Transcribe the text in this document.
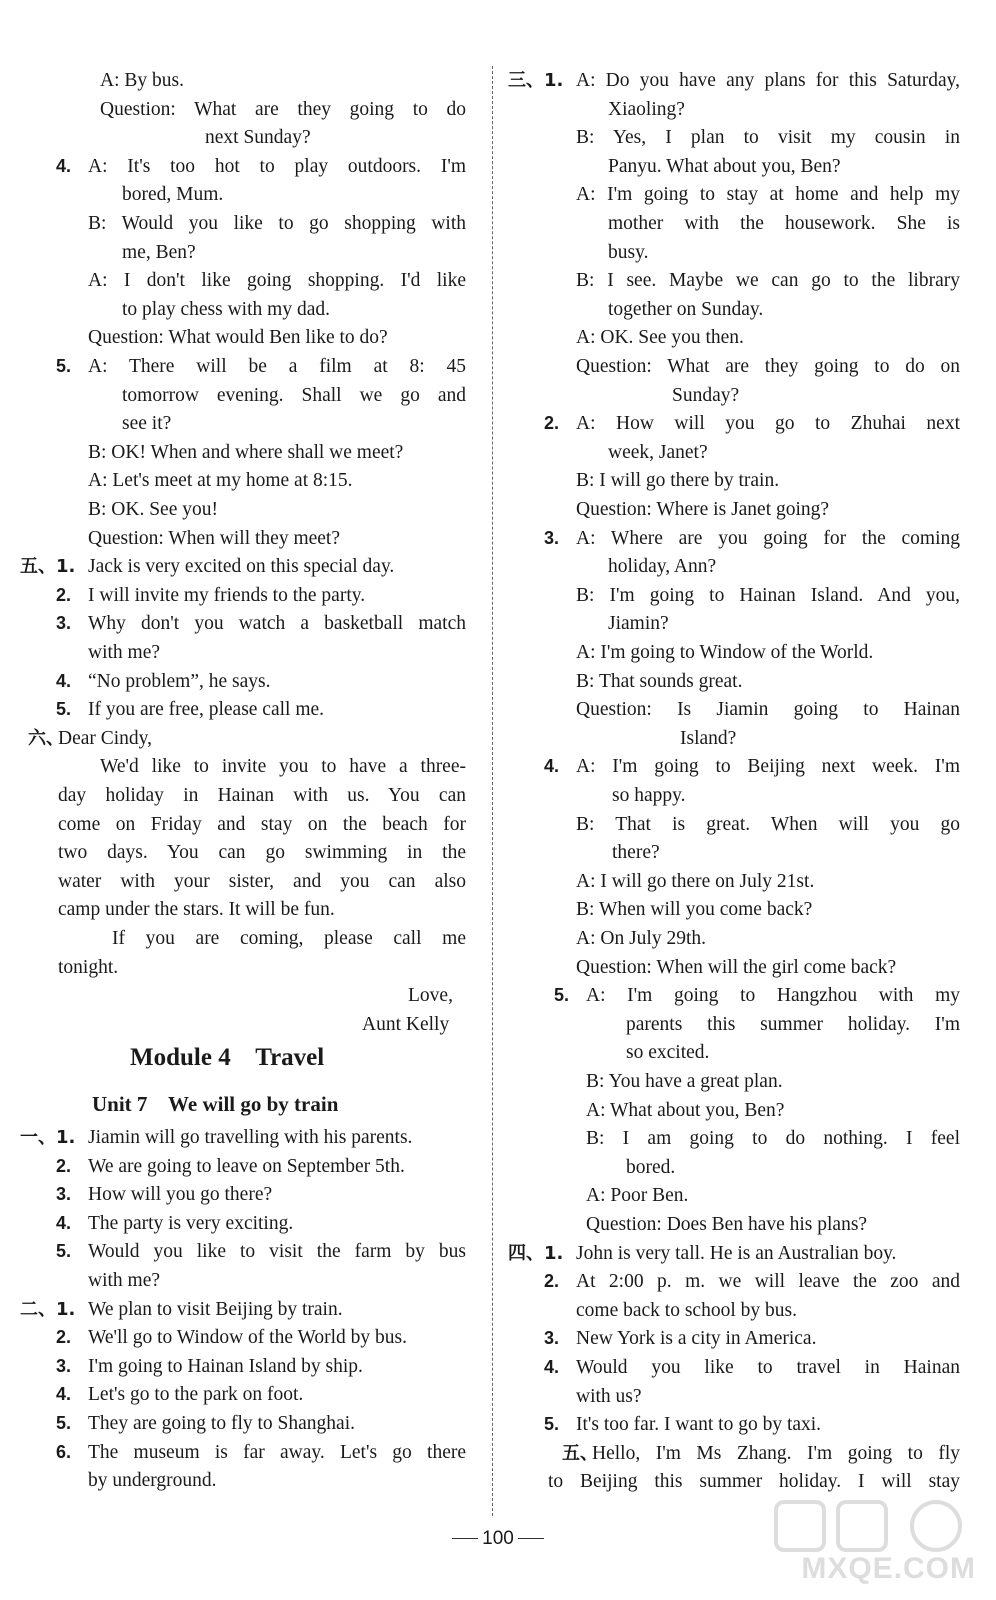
A: By bus.
Question: What are they going to do
next Sunday?
4. A: It's too hot to play outdoors. I'm
bored, Mum.
B: Would you like to go shopping with
me, Ben?
A: I don't like going shopping. I'd like
to play chess with my dad.
Question: What would Ben like to do?
5. A: There will be a film at 8: 45
tomorrow evening. Shall we go and
see it?
B: OK! When and where shall we meet?
A: Let's meet at my home at 8:15.
B: OK. See you!
Question: When will they meet?
五、1. Jack is very excited on this special day.
2. I will invite my friends to the party.
3. Why don't you watch a basketball match
with me?
4. “No problem”, he says.
5. If you are free, please call me.
六、
Dear Cindy,
We'd like to invite you to have a three-
day holiday in Hainan with us. You can
come on Friday and stay on the beach for
two days. You can go swimming in the
water with your sister, and you can also
camp under the stars. It will be fun.
If you are coming, please call me
tonight.
Love,
Aunt Kelly
Module 4    Travel
Unit 7    We will go by train
一、1. Jiamin will go travelling with his parents.
2. We are going to leave on September 5th.
3. How will you go there?
4. The party is very exciting.
5. Would you like to visit the farm by bus
with me?
二、1. We plan to visit Beijing by train.
2. We'll go to Window of the World by bus.
3. I'm going to Hainan Island by ship.
4. Let's go to the park on foot.
5. They are going to fly to Shanghai.
6. The museum is far away. Let's go there
by underground.
三、1. A: Do you have any plans for this Saturday,
Xiaoling?
B: Yes, I plan to visit my cousin in
Panyu. What about you, Ben?
A: I'm going to stay at home and help my
mother with the housework. She is
busy.
B: I see. Maybe we can go to the library
together on Sunday.
A: OK. See you then.
Question: What are they going to do on
Sunday?
2. A: How will you go to Zhuhai next
week, Janet?
B: I will go there by train.
Question: Where is Janet going?
3. A: Where are you going for the coming
holiday, Ann?
B: I'm going to Hainan Island. And you,
Jiamin?
A: I'm going to Window of the World.
B: That sounds great.
Question: Is Jiamin going to Hainan
Island?
4. A: I'm going to Beijing next week. I'm
so happy.
B: That is great. When will you go
there?
A: I will go there on July 21st.
B: When will you come back?
A: On July 29th.
Question: When will the girl come back?
5. A: I'm going to Hangzhou with my
parents this summer holiday. I'm
so excited.
B: You have a great plan.
A: What about you, Ben?
B: I am going to do nothing. I feel
bored.
A: Poor Ben.
Question: Does Ben have his plans?
四、1. John is very tall. He is an Australian boy.
2. At 2:00 p. m. we will leave the zoo and
come back to school by bus.
3. New York is a city in America.
4. Would you like to travel in Hainan
with us?
5. It's too far. I want to go by taxi.
五、
Hello, I'm Ms Zhang. I'm going to fly
to Beijing this summer holiday. I will stay
100
MXQE.COM
